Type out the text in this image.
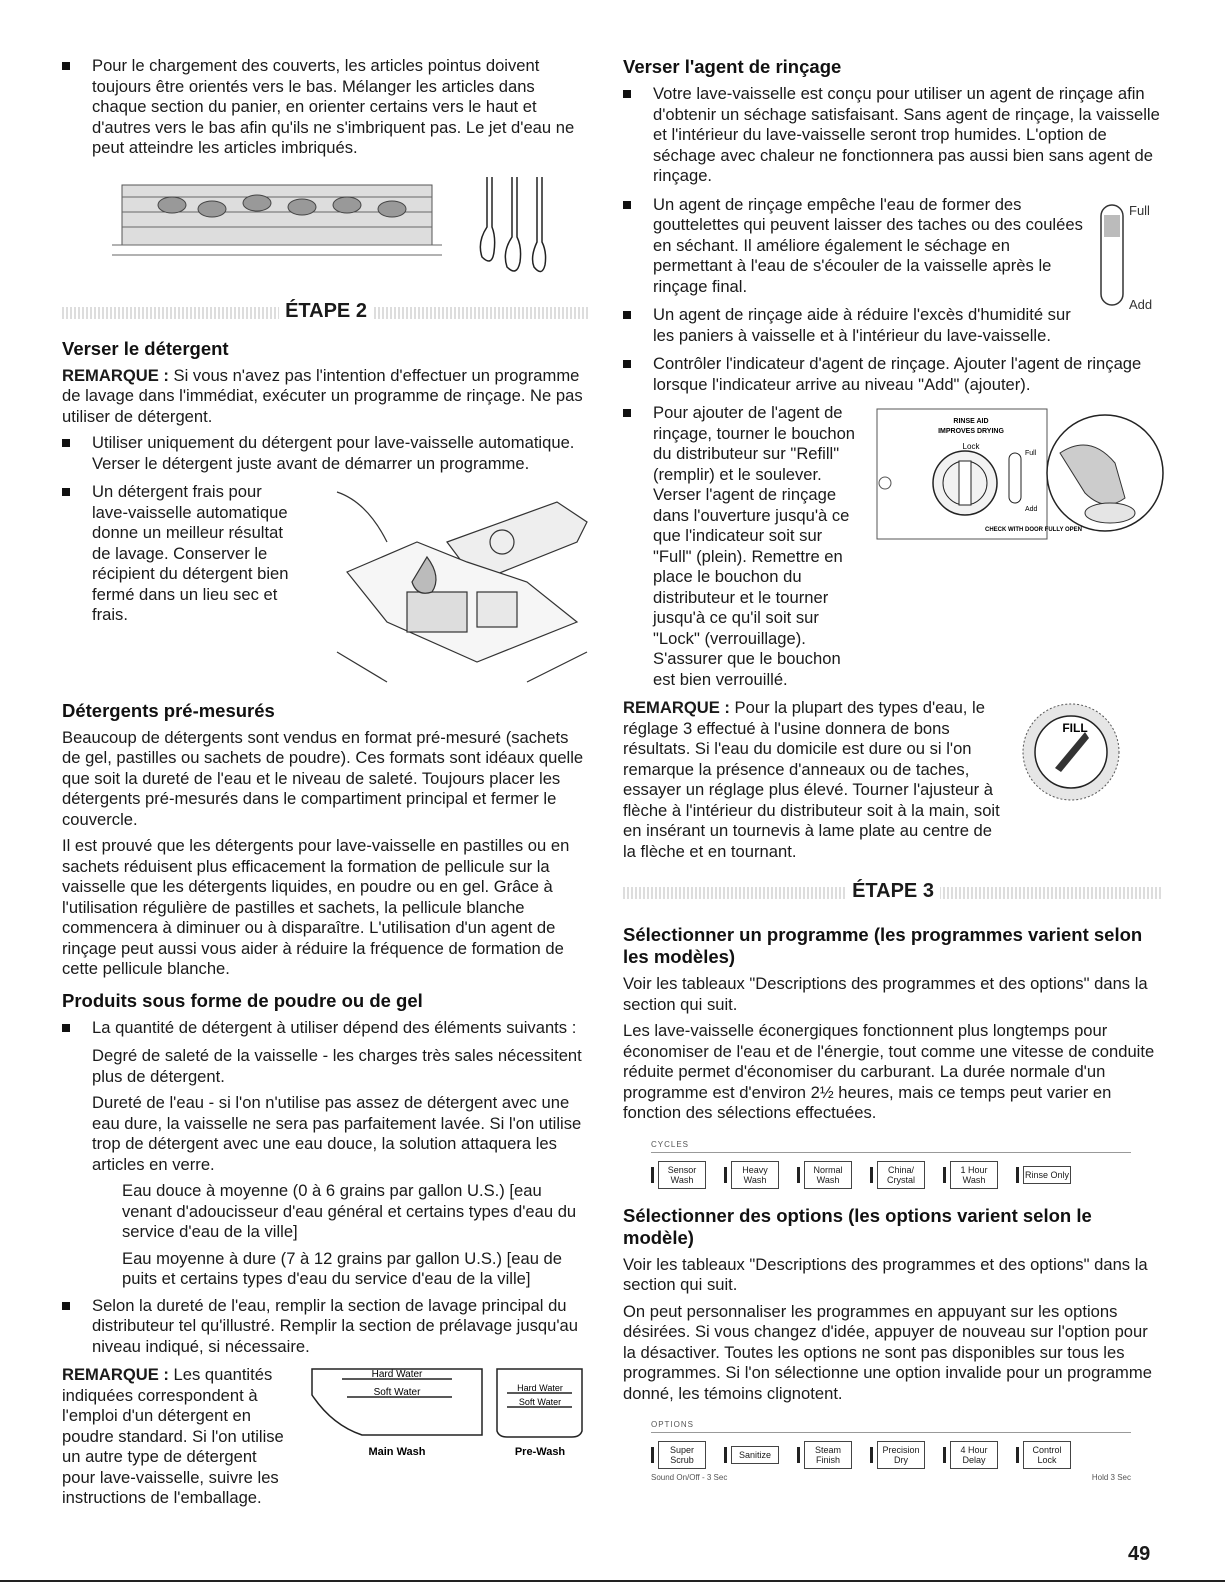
Pour le chargement des couverts, les articles pointus doivent toujours être orientés vers le bas. Mélanger les articles dans chaque section du panier, en orienter certains vers le haut et d'autres vers le bas afin qu'ils ne s'imbriquent pas. Le jet d'eau ne peut atteindre les articles imbriqués.
ÉTAPE 2
Verser le détergent

REMARQUE : Si vous n'avez pas l'intention d'effectuer un programme de lavage dans l'immédiat, exécuter un programme de rinçage. Ne pas utiliser de détergent.

Utiliser uniquement du détergent pour lave-vaisselle automatique. Verser le détergent juste avant de démarrer un programme.
Un détergent frais pour lave-vaisselle automatique donne un meilleur résultat de lavage. Conserver le récipient du détergent bien fermé dans un lieu sec et frais.
Détergents pré-mesurés

Beaucoup de détergents sont vendus en format pré-mesuré (sachets de gel, pastilles ou sachets de poudre). Ces formats sont idéaux quelle que soit la dureté de l'eau et le niveau de saleté. Toujours placer les détergents pré-mesurés dans le compartiment principal et fermer le couvercle.

Il est prouvé que les détergents pour lave-vaisselle en pastilles ou en sachets réduisent plus efficacement la formation de pellicule sur la vaisselle que les détergents liquides, en poudre ou en gel. Grâce à l'utilisation régulière de pastilles et sachets, la pellicule blanche commencera à diminuer ou à disparaître. L'utilisation d'un agent de rinçage peut aussi vous aider à réduire la fréquence de formation de cette pellicule blanche.

Produits sous forme de poudre ou de gel
La quantité de détergent à utiliser dépend des éléments suivants :

Degré de saleté de la vaisselle - les charges très sales nécessitent plus de détergent.

Dureté de l'eau - si l'on n'utilise pas assez de détergent avec une eau dure, la vaisselle ne sera pas parfaitement lavée. Si l'on utilise trop de détergent avec une eau douce, la solution attaquera les articles en verre.

Eau douce à moyenne (0 à 6 grains par gallon U.S.) [eau venant d'adoucisseur d'eau général et certains types d'eau du service d'eau de la ville]

Eau moyenne à dure (7 à 12 grains par gallon U.S.) [eau de puits et certains types d'eau du service d'eau de la ville]

Selon la dureté de l'eau, remplir la section de lavage principal du distributeur tel qu'illustré. Remplir la section de prélavage jusqu'au niveau indiqué, si nécessaire.

REMARQUE : Les quantités indiquées correspondent à l'emploi d'un détergent en poudre standard. Si l'on utilise un autre type de détergent pour lave-vaisselle, suivre les instructions de l'emballage.

Hard Water
Soft Water	Hard Water
Soft Water
Main Wash	Pre-Wash
Verser l'agent de rinçage
Votre lave-vaisselle est conçu pour utiliser un agent de rinçage afin d'obtenir un séchage satisfaisant. Sans agent de rinçage, la vaisselle et l'intérieur du lave-vaisselle seront trop humides. L'option de séchage avec chaleur ne fonctionnera pas aussi bien sans agent de rinçage.
Un agent de rinçage empêche l'eau de former des gouttelettes qui peuvent laisser des taches ou des coulées en séchant. Il améliore également le séchage en permettant à l'eau de s'écouler de la vaisselle après le rinçage final.
Un agent de rinçage aide à réduire l'excès d'humidité sur les paniers à vaisselle et à l'intérieur du lave-vaisselle.
Full
Add
Contrôler l'indicateur d'agent de rinçage. Ajouter l'agent de rinçage lorsque l'indicateur arrive au niveau "Add" (ajouter).
RINSE AID
IMPROVES DRYING
Lock
Full
Add
CHECK WITH DOOR FULLY OPEN
Pour ajouter de l'agent de rinçage, tourner le bouchon du distributeur sur "Refill" (remplir) et le soulever. Verser l'agent de rinçage dans l'ouverture jusqu'à ce que l'indicateur soit sur "Full" (plein). Remettre en place le bouchon du distributeur et le tourner jusqu'à ce qu'il soit sur "Lock" (verrouillage). S'assurer que le bouchon est bien verrouillé.

REMARQUE : Pour la plupart des types d'eau, le réglage 3 effectué à l'usine donnera de bons résultats. Si l'eau du domicile est dure ou si l'on remarque la présence d'anneaux ou de taches, essayer un réglage plus élevé. Tourner l'ajusteur à flèche à l'intérieur du distributeur soit à la main, soit en insérant un tournevis à lame plate au centre de la flèche et en tournant.

FILL
ÉTAPE 3
Sélectionner un programme (les programmes varient selon les modèles)

Voir les tableaux "Descriptions des programmes et des options" dans la section qui suit.

Les lave-vaisselle éconergiques fonctionnent plus longtemps pour économiser de l'eau et de l'énergie, tout comme une vitesse de conduite réduite permet d'économiser du carburant. La durée normale d'un programme est d'environ 2½ heures, mais ce temps peut varier en fonction des sélections effectuées.

CYCLES
Sensor Wash
Heavy Wash
Normal Wash
China/ Crystal
1 Hour Wash	Rinse Only
Sélectionner des options (les options varient selon le modèle)

Voir les tableaux "Descriptions des programmes et des options" dans la section qui suit.

On peut personnaliser les programmes en appuyant sur les options désirées. Si vous changez d'idée, appuyer de nouveau sur l'option pour la désactiver. Toutes les options ne sont pas disponibles sur tous les programmes. Si l'on sélectionne une option invalide pour un programme donné, les témoins clignotent.

OPTIONS
Super Scrub	Sanitize	Steam Finish
Precision Dry
4 Hour Delay
Control Lock
Sound On/Off - 3 Sec	Hold 3 Sec
49
